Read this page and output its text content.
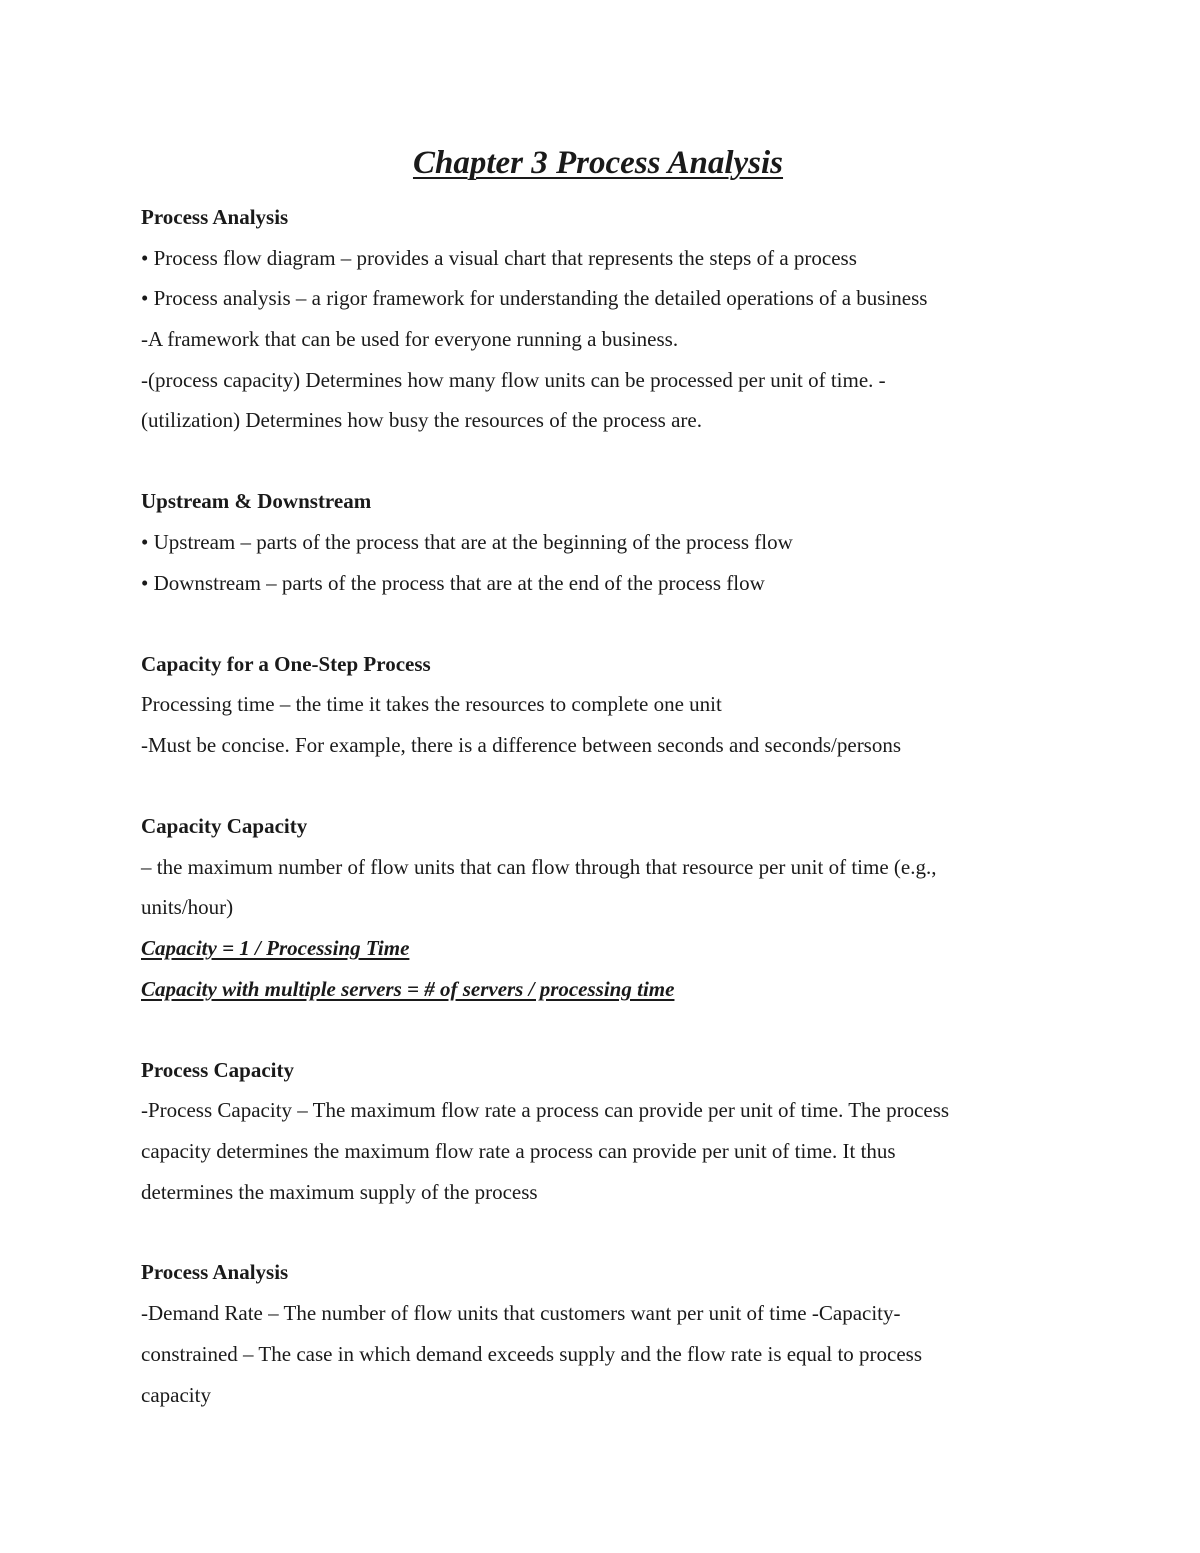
Chapter 3 Process Analysis
Process Analysis
• Process flow diagram – provides a visual chart that represents the steps of a process
• Process analysis – a rigor framework for understanding the detailed operations of a business
-A framework that can be used for everyone running a business.
-(process capacity) Determines how many flow units can be processed per unit of time. -
(utilization) Determines how busy the resources of the process are.
Upstream & Downstream
• Upstream – parts of the process that are at the beginning of the process flow
• Downstream – parts of the process that are at the end of the process flow
Capacity for a One-Step Process
Processing time – the time it takes the resources to complete one unit
-Must be concise. For example, there is a difference between seconds and seconds/persons
Capacity Capacity
– the maximum number of flow units that can flow through that resource per unit of time (e.g.,
units/hour)
Capacity = 1 / Processing Time
Capacity with multiple servers = # of servers / processing time
Process Capacity
-Process Capacity – The maximum flow rate a process can provide per unit of time. The process
capacity determines the maximum flow rate a process can provide per unit of time. It thus
determines the maximum supply of the process
Process Analysis
-Demand Rate – The number of flow units that customers want per unit of time -Capacity-
constrained – The case in which demand exceeds supply and the flow rate is equal to process
capacity
